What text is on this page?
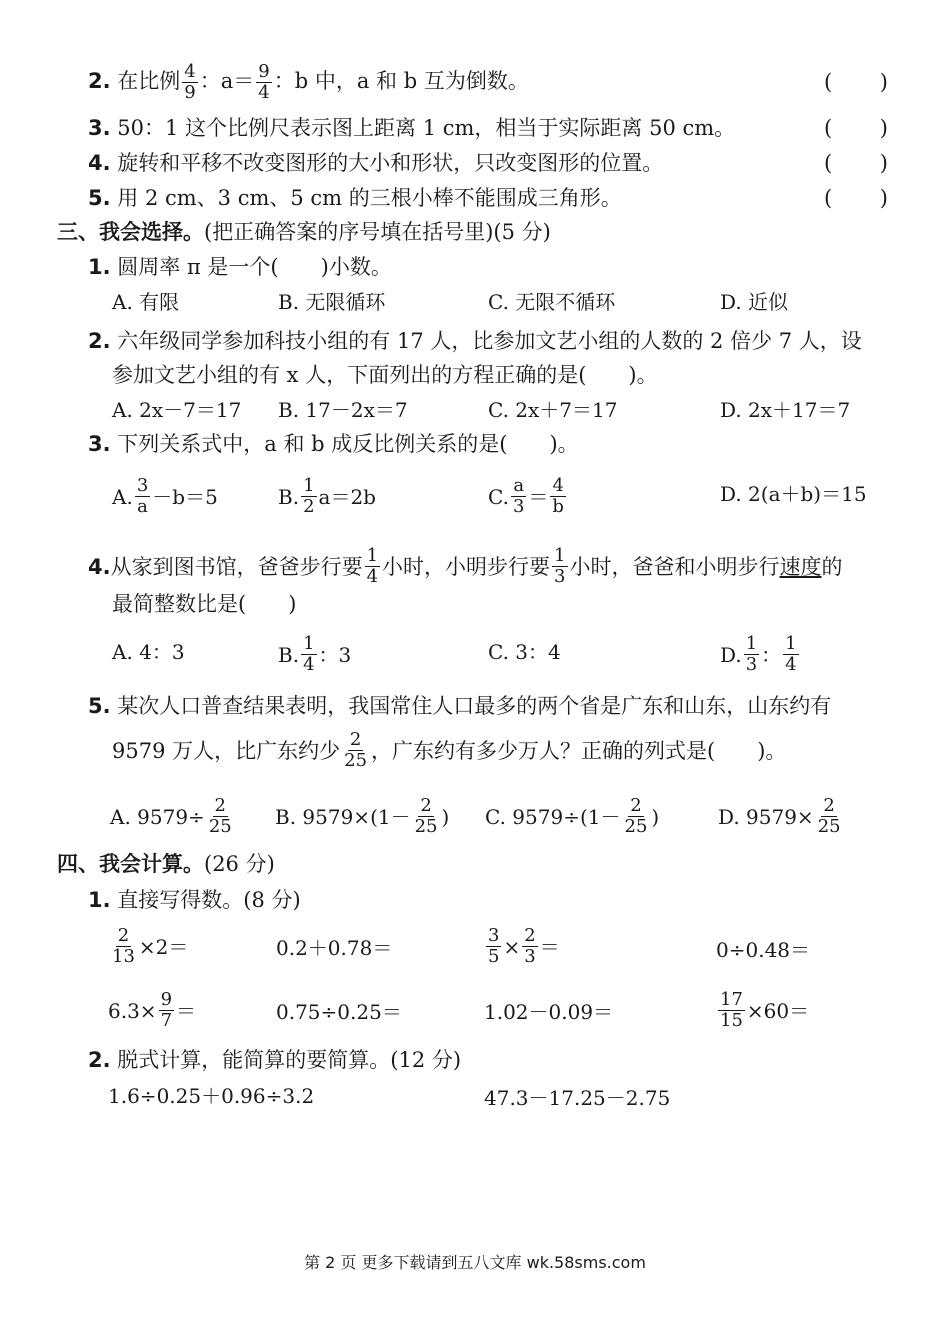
2. 在比例 $\frac{4}{9}$ ：$a= \frac{9}{4}$ ：b 中，a 和 b 互为倒数。	( )
3. 50：1 这个比例尺表示图上距离 1 cm，相当于实际距离 50 cm。	( )
4. 旋转和平移不改变图形的大小和形状，只改变图形的位置。	( )
5. 用 2 cm、3 cm、5 cm 的三根小棒不能围成三角形。	( )
三、我会选择。(把正确答案的序号填在括号里)(5 分)
1. 圆周率 π 是一个(　　)小数。
A. 有限	B. 无限循环	C. 无限不循环	D. 近似
2. 六年级同学参加科技小组的有 17 人，比参加文艺小组的人数的 2 倍少 7 人，设
参加文艺小组的有 x 人，下面列出的方程正确的是(　　)。
A. 2x－7＝17 B. 17－2x＝7	C. 2x＋7＝17	D. 2x＋17＝7
3. 下列关系式中，a 和 b 成反比例关系的是(　　)。
A. $\frac{3}{a} -b=5$	B. $\frac{1}{2} a=2b$	C. $\frac{a}{3} = \frac{4}{b}$	D. 2(a＋b)＝15
4. 从家到图书馆，爸爸步行要 $\frac{1}{4}$ 小时，小明步行要 $\frac{1}{3}$ 小时，爸爸和小明步行 速度 的
最简整数比是(　　)
A. 4：3	B. $\frac{1}{4}$ ：3	C. 3：4	D. $\frac{1}{3}$ ： $\frac{1}{4}$
5. 某次人口普查结果表明，我国常住人口最多的两个省是广东和山东，山东约有
9579 万人，比广东约少 $\frac{2}{25}$ ，广东约有多少万人？正确的列式是(　　)。
A. $9579\div \frac{2}{25} B$. $9579\times(1- \frac{2}{25}$ ) C. $9579\div(1- \frac{2}{25}$ )	D. $9579\times \frac{2}{25}$
四、我会计算。(26 分)
1. 直接写得数。(8 分)
$\frac{2}{13} \times 2=$	0.2＋0.78＝	$\frac{3}{5} \times \frac{2}{3}$ ＝	0÷0.48＝
$6.3\times \frac{9}{7}$ ＝	0.75÷0.25＝	1.02－0.09＝	$\frac{17}{15} \times 60=$
2. 脱式计算，能简算的要简算。(12 分)
1.6÷0.25＋0.96÷3.2	47.3－17.25－2.75
第 2 页 更多下载请到五八文库 wk.58sms.com
